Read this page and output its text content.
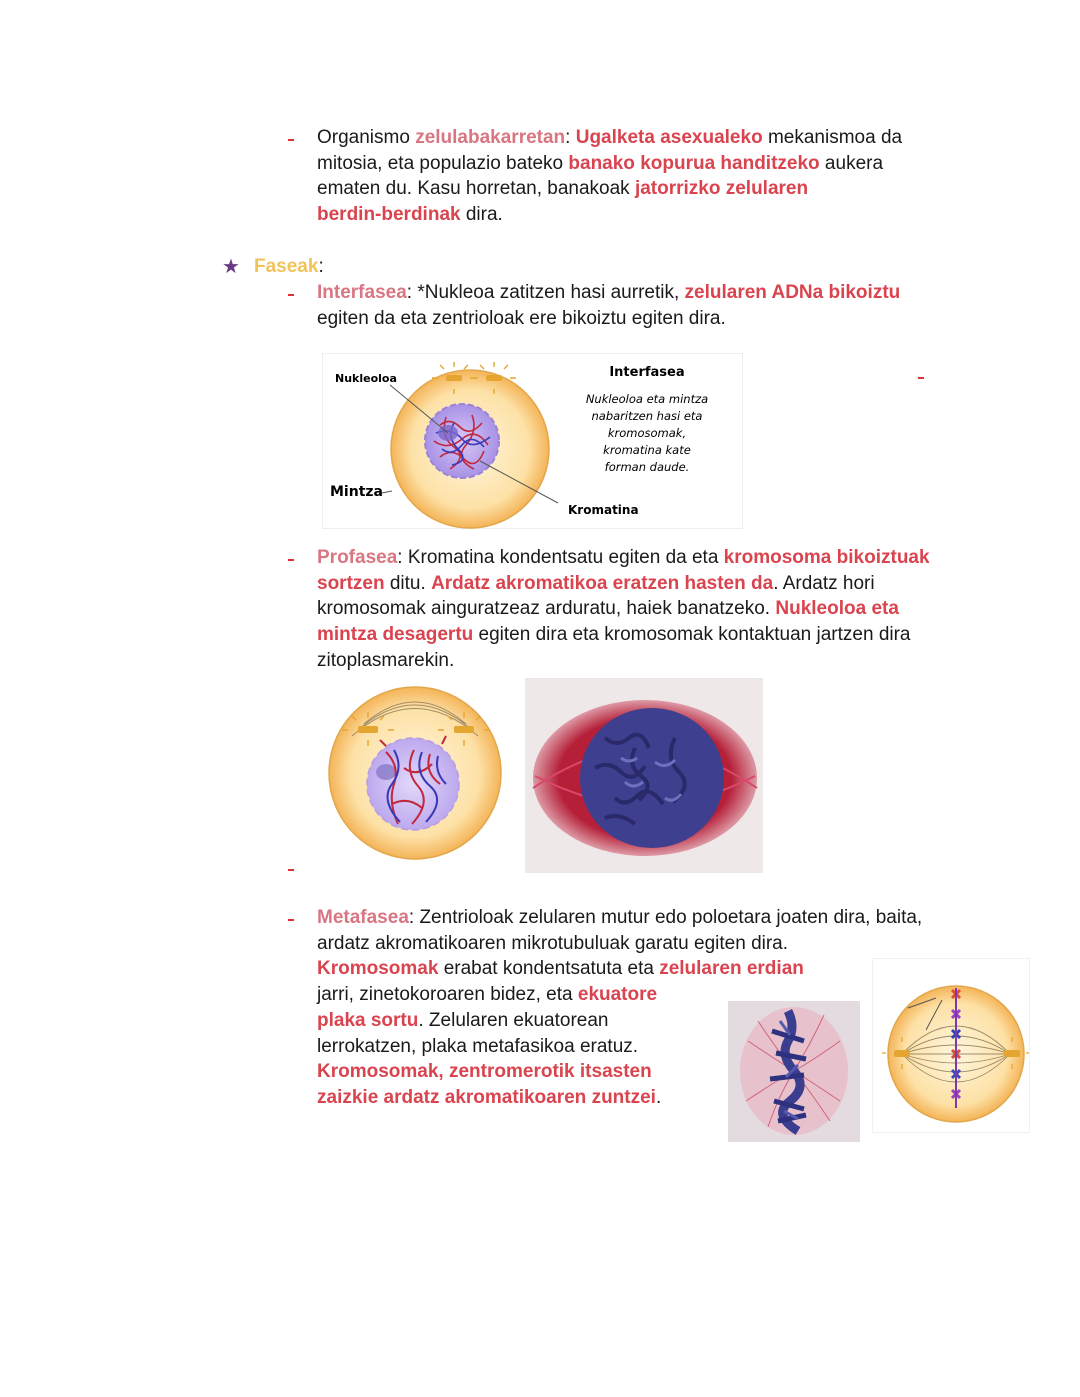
Organismo zelulabakarretan: Ugalketa asexualeko mekanismoa da
mitosia, eta populazio bateko banako kopurua handitzeko aukera
ematen du. Kasu horretan, banakoak jatorrizko zelularen
berdin-berdinak dira.
★ Faseak:
Interfasea: *Nukleoa zatitzen hasi aurretik, zelularen ADNa bikoiztu
egiten da eta zentrioloak ere bikoiztu egiten dira.
Nukleoloa
Mintza
Kromatina
Interfasea
Nukleoloa eta mintza
nabaritzen hasi eta
kromosomak,
kromatina kate
forman daude.
Profasea: Kromatina kondentsatu egiten da eta kromosoma bikoiztuak
sortzen ditu. Ardatz akromatikoa eratzen hasten da. Ardatz hori
kromosomak ainguratzeaz arduratu, haiek banatzeko. Nukleoloa eta
mintza desagertu egiten dira eta kromosomak kontaktuan jartzen dira
zitoplasmarekin.
Metafasea: Zentrioloak zelularen mutur edo poloetara joaten dira, baita,
ardatz akromatikoaren mikrotubuluak garatu egiten dira.
Kromosomak erabat kondentsatuta eta zelularen erdian
jarri, zinetokoroaren bidez, eta ekuatore
plaka sortu. Zelularen ekuatorean
lerrokatzen, plaka metafasikoa eratuz.
Kromosomak, zentromerotik itsasten
zaizkie ardatz akromatikoaren zuntzei.
